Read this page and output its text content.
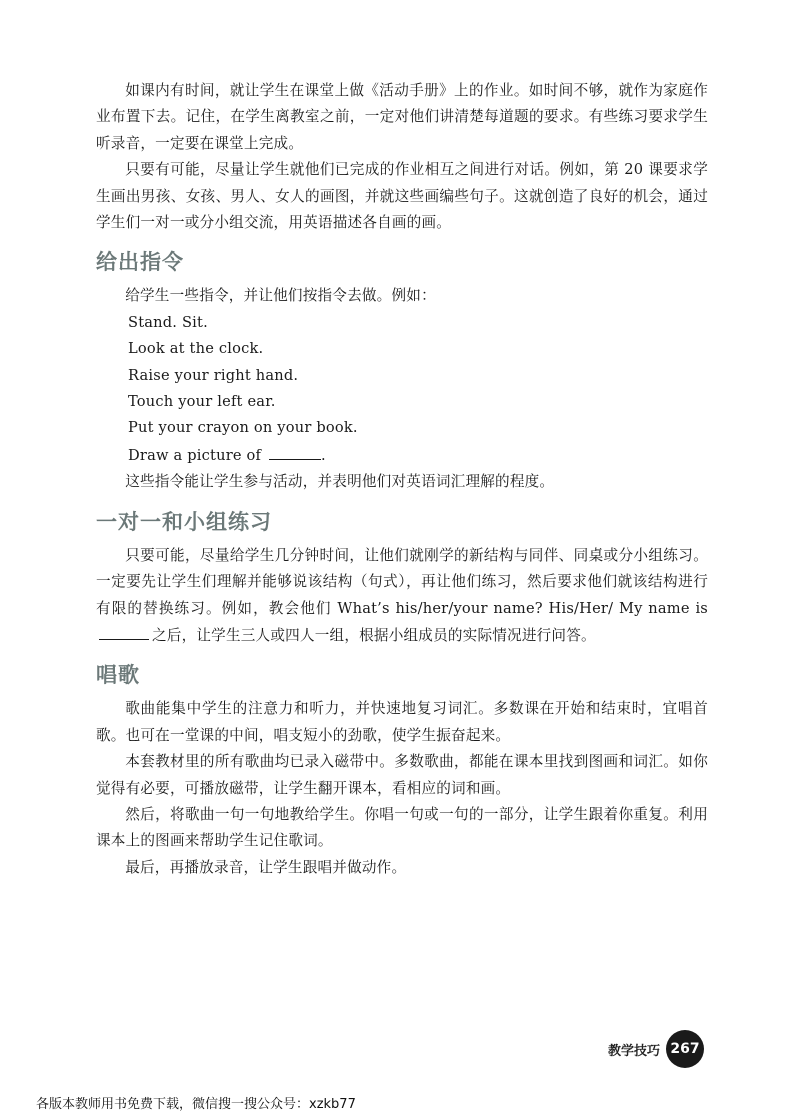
如课内有时间，就让学生在课堂上做《活动手册》上的作业。如时间不够，就作为家庭作业布置下去。记住，在学生离教室之前，一定对他们讲清楚每道题的要求。有些练习要求学生听录音，一定要在课堂上完成。

只要有可能，尽量让学生就他们已完成的作业相互之间进行对话。例如，第 20 课要求学生画出男孩、女孩、男人、女人的画图，并就这些画编些句子。这就创造了良好的机会，通过学生们一对一或分小组交流，用英语描述各自画的画。

给出指令

给学生一些指令，并让他们按指令去做。例如：

Stand. Sit.

Look at the clock.

Raise your right hand.

Touch your left ear.

Put your crayon on your book.

Draw a picture of	.

这些指令能让学生参与活动，并表明他们对英语词汇理解的程度。

一对一和小组练习

只要可能，尽量给学生几分钟时间，让他们就刚学的新结构与同伴、同桌或分小组练习。一定要先让学生们理解并能够说该结构（句式），再让他们练习，然后要求他们就该结构进行有限的替换练习。例如，教会他们 What’s his/her/your name? His/Her/ My name is之后，让学生三人或四人一组，根据小组成员的实际情况进行问答。

唱歌

歌曲能集中学生的注意力和听力，并快速地复习词汇。多数课在开始和结束时，宜唱首歌。也可在一堂课的中间，唱支短小的劲歌，使学生振奋起来。

本套教材里的所有歌曲均已录入磁带中。多数歌曲，都能在课本里找到图画和词汇。如你觉得有必要，可播放磁带，让学生翻开课本，看相应的词和画。

然后，将歌曲一句一句地教给学生。你唱一句或一句的一部分，让学生跟着你重复。利用课本上的图画来帮助学生记住歌词。

最后，再播放录音，让学生跟唱并做动作。

教学技巧 267
各版本教师用书免费下载，微信搜一搜公众号：xzkb77
